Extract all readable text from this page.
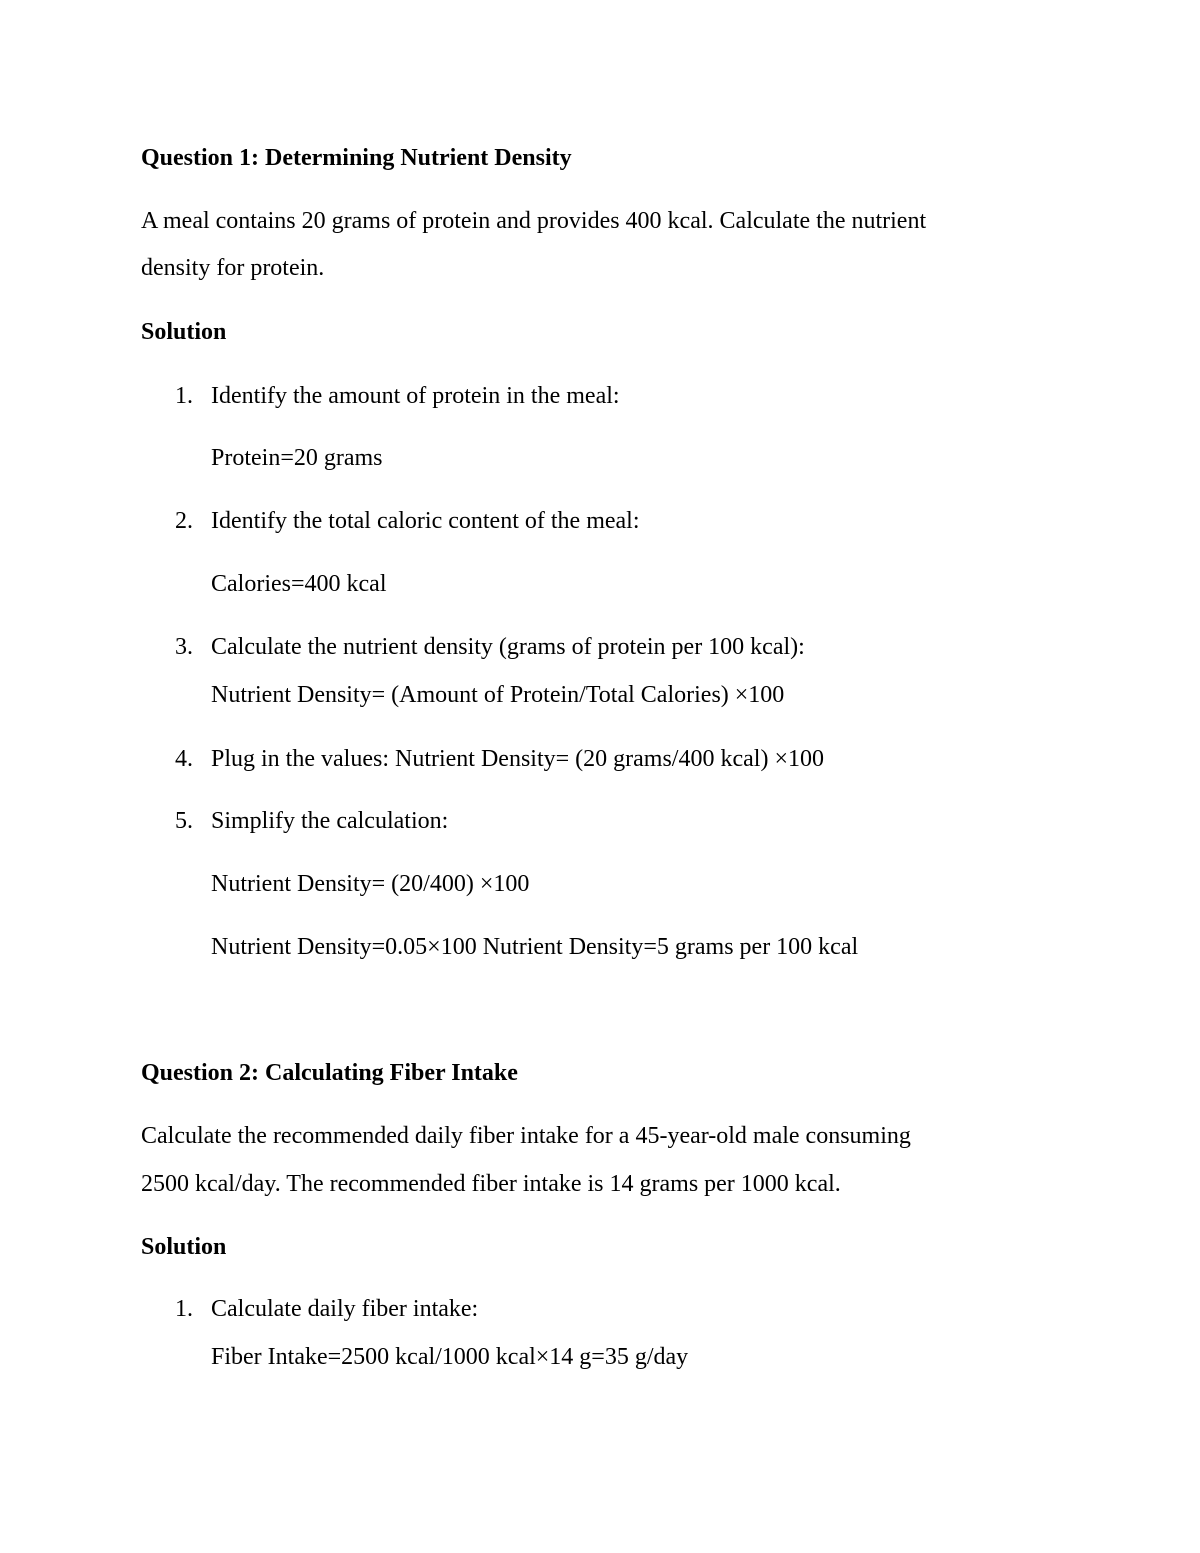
Question 1: Determining Nutrient Density
A meal contains 20 grams of protein and provides 400 kcal. Calculate the nutrient
density for protein.
Solution
1. Identify the amount of protein in the meal:
Protein=20 grams
2. Identify the total caloric content of the meal:
Calories=400 kcal
3. Calculate the nutrient density (grams of protein per 100 kcal):
Nutrient Density= (Amount of Protein/Total Calories) ×100
4. Plug in the values: Nutrient Density= (20 grams/400 kcal) ×100
5. Simplify the calculation:
Nutrient Density= (20/400) ×100
Nutrient Density=0.05×100 Nutrient Density=5 grams per 100 kcal
Question 2: Calculating Fiber Intake
Calculate the recommended daily fiber intake for a 45-year-old male consuming
2500 kcal/day. The recommended fiber intake is 14 grams per 1000 kcal.
Solution
1. Calculate daily fiber intake:
Fiber Intake=2500 kcal/1000 kcal×14 g=35 g/day
